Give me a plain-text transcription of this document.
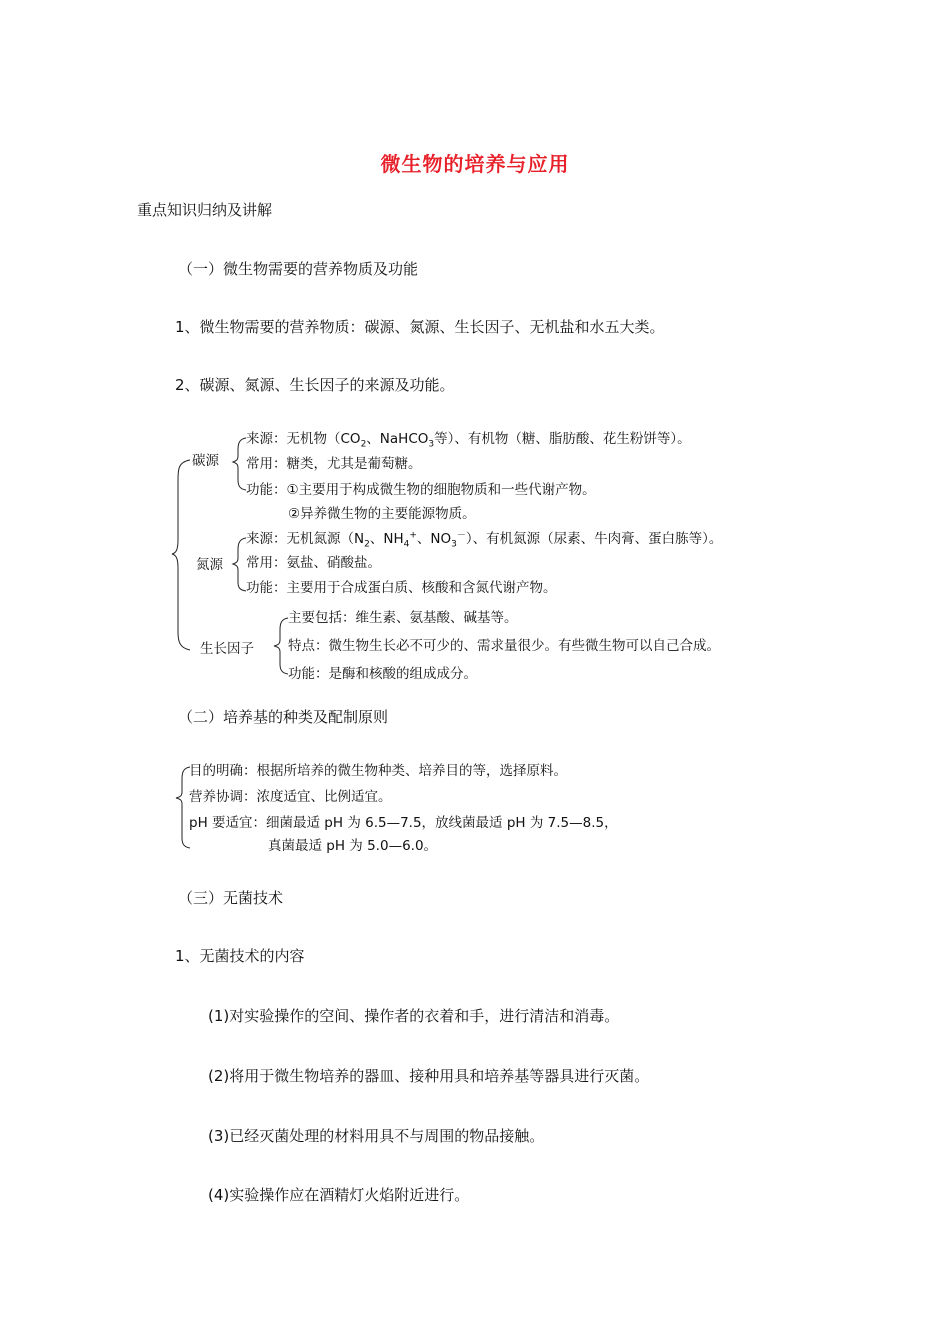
微生物的培养与应用
重点知识归纳及讲解
（一）微生物需要的营养物质及功能
1、微生物需要的营养物质：碳源、氮源、生长因子、无机盐和水五大类。
2、碳源、氮源、生长因子的来源及功能。
碳源
来源：无机物（$CO_2$、NaHCO$_3$等）、有机物（糖、脂肪酸、花生粉饼等）。
常用：糖类，尤其是葡萄糖。
功能：①主要用于构成微生物的细胞物质和一些代谢产物。
②异养微生物的主要能源物质。
氮源
来源：无机氮源（$N_2$、$NH_4^+$、$NO_3^-$）、有机氮源（尿素、牛肉膏、蛋白胨等）。
常用：氨盐、硝酸盐。
功能：主要用于合成蛋白质、核酸和含氮代谢产物。
生长因子
主要包括：维生素、氨基酸、碱基等。
特点：微生物生长必不可少的、需求量很少。有些微生物可以自己合成。
功能：是酶和核酸的组成成分。
（二）培养基的种类及配制原则
目的明确：根据所培养的微生物种类、培养目的等，选择原料。
营养协调：浓度适宜、比例适宜。
pH 要适宜：细菌最适 pH 为 6.5—7.5，放线菌最适 pH 为 7.5—8.5，
真菌最适 pH 为 5.0—6.0。
（三）无菌技术
1、无菌技术的内容
(1)对实验操作的空间、操作者的衣着和手，进行清洁和消毒。
(2)将用于微生物培养的器皿、接种用具和培养基等器具进行灭菌。
(3)已经灭菌处理的材料用具不与周围的物品接触。
(4)实验操作应在酒精灯火焰附近进行。
